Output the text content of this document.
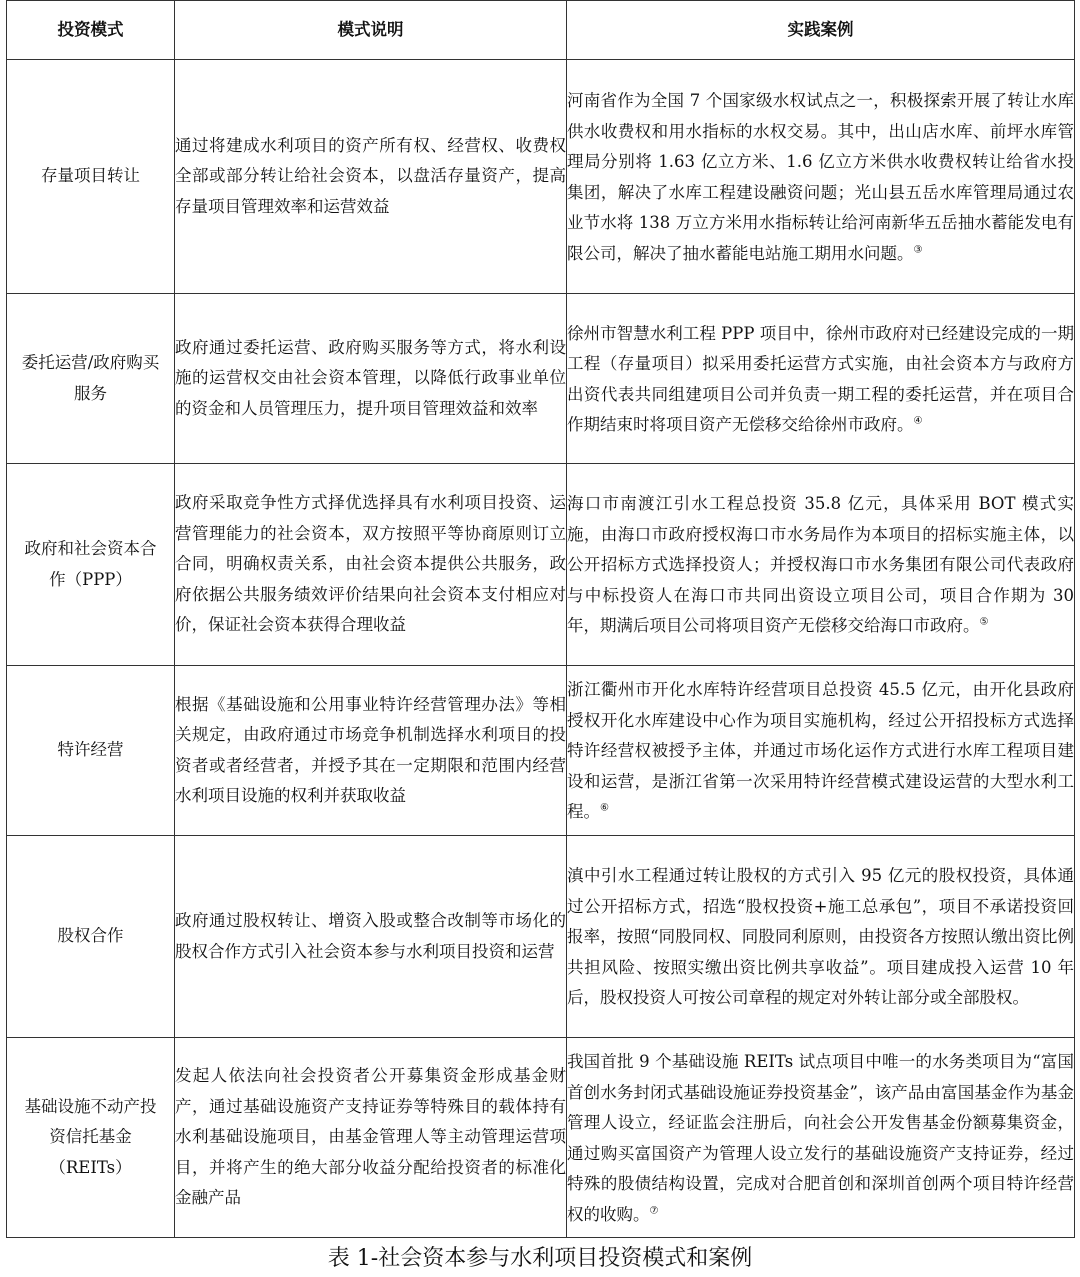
投资模式	模式说明	实践案例
存量项目转让	通过将建成水利项目的资产所有权、经营权、收费权全部或部分转让给社会资本，以盘活存量资产，提高存量项目管理效率和运营效益	河南省作为全国 7 个国家级水权试点之一，积极探索开展了转让水库供水收费权和用水指标的水权交易。其中，出山店水库、前坪水库管理局分别将 1.63 亿立方米、1.6 亿立方米供水收费权转让给省水投集团，解决了水库工程建设融资问题；光山县五岳水库管理局通过农业节水将 138 万立方米用水指标转让给河南新华五岳抽水蓄能发电有限公司，解决了抽水蓄能电站施工期用水问题。③

委托运营/政府购买服务	政府通过委托运营、政府购买服务等方式，将水利设施的运营权交由社会资本管理，以降低行政事业单位的资金和人员管理压力，提升项目管理效益和效率	徐州市智慧水利工程 PPP 项目中，徐州市政府对已经建设完成的一期工程（存量项目）拟采用委托运营方式实施，由社会资本方与政府方出资代表共同组建项目公司并负责一期工程的委托运营，并在项目合作期结束时将项目资产无偿移交给徐州市政府。④

政府和社会资本合作（PPP）	政府采取竞争性方式择优选择具有水利项目投资、运营管理能力的社会资本，双方按照平等协商原则订立合同，明确权责关系，由社会资本提供公共服务，政府依据公共服务绩效评价结果向社会资本支付相应对价，保证社会资本获得合理收益	海口市南渡江引水工程总投资 35.8 亿元，具体采用 BOT 模式实施，由海口市政府授权海口市水务局作为本项目的招标实施主体，以公开招标方式选择投资人；并授权海口市水务集团有限公司代表政府与中标投资人在海口市共同出资设立项目公司，项目合作期为 30 年，期满后项目公司将项目资产无偿移交给海口市政府。⑤

特许经营	根据《基础设施和公用事业特许经营管理办法》等相关规定，由政府通过市场竞争机制选择水利项目的投资者或者经营者，并授予其在一定期限和范围内经营水利项目设施的权利并获取收益	浙江衢州市开化水库特许经营项目总投资 45.5 亿元，由开化县政府授权开化水库建设中心作为项目实施机构，经过公开招投标方式选择特许经营权被授予主体，并通过市场化运作方式进行水库工程项目建设和运营，是浙江省第一次采用特许经营模式建设运营的大型水利工程。⑥

股权合作	政府通过股权转让、增资入股或整合改制等市场化的股权合作方式引入社会资本参与水利项目投资和运营	滇中引水工程通过转让股权的方式引入 95 亿元的股权投资，具体通过公开招标方式，招选“股权投资+施工总承包”，项目不承诺投资回报率，按照“同股同权、同股同利原则，由投资各方按照认缴出资比例共担风险、按照实缴出资比例共享收益”。项目建成投入运营 10 年后，股权投资人可按公司章程的规定对外转让部分或全部股权。

基础设施不动产投资信托基金（REITs）	发起人依法向社会投资者公开募集资金形成基金财产，通过基础设施资产支持证券等特殊目的载体持有水利基础设施项目，由基金管理人等主动管理运营项目，并将产生的绝大部分收益分配给投资者的标准化金融产品	我国首批 9 个基础设施 REITs 试点项目中唯一的水务类项目为“富国首创水务封闭式基础设施证券投资基金”，该产品由富国基金作为基金管理人设立，经证监会注册后，向社会公开发售基金份额募集资金，通过购买富国资产为管理人设立发行的基础设施资产支持证券，经过特殊的股债结构设置，完成对合肥首创和深圳首创两个项目特许经营权的收购。⑦
表 1-社会资本参与水利项目投资模式和案例
